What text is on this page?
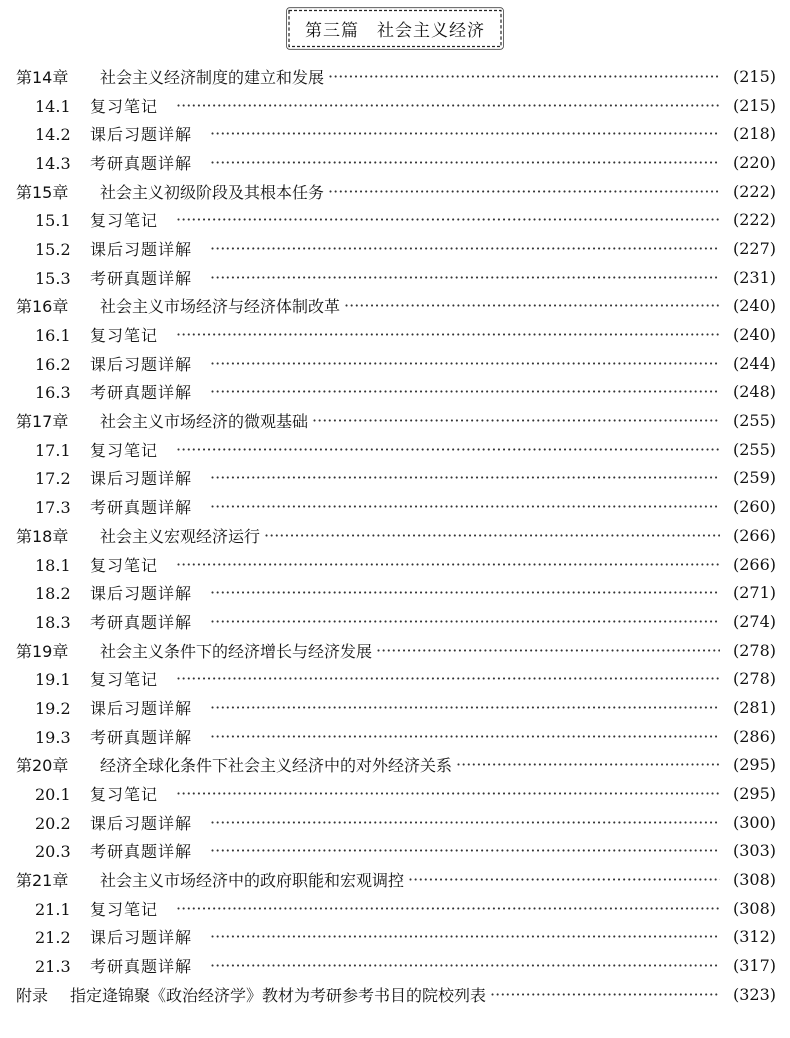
第三篇　社会主义经济
第14章 社会主义经济制度的建立和发展 ·····	(215)
14.1 复习笔记 ·····	(215)
14.2 课后习题详解 ·····	(218)
14.3 考研真题详解 ·····	(220)
第15章 社会主义初级阶段及其根本任务 ·····	(222)
15.1 复习笔记 ·····	(222)
15.2 课后习题详解 ·····	(227)
15.3 考研真题详解 ·····	(231)
第16章 社会主义市场经济与经济体制改革 ·····	(240)
16.1 复习笔记 ·····	(240)
16.2 课后习题详解 ·····	(244)
16.3 考研真题详解 ·····	(248)
第17章 社会主义市场经济的微观基础 ·····	(255)
17.1 复习笔记 ·····	(255)
17.2 课后习题详解 ·····	(259)
17.3 考研真题详解 ·····	(260)
第18章 社会主义宏观经济运行 ·····	(266)
18.1 复习笔记 ·····	(266)
18.2 课后习题详解 ·····	(271)
18.3 考研真题详解 ·····	(274)
第19章 社会主义条件下的经济增长与经济发展 ·····	(278)
19.1 复习笔记 ·····	(278)
19.2 课后习题详解 ·····	(281)
19.3 考研真题详解 ·····	(286)
第20章 经济全球化条件下社会主义经济中的对外经济关系 ·····	(295)
20.1 复习笔记 ·····	(295)
20.2 课后习题详解 ·····	(300)
20.3 考研真题详解 ·····	(303)
第21章 社会主义市场经济中的政府职能和宏观调控 ·····	(308)
21.1 复习笔记 ·····	(308)
21.2 课后习题详解 ·····	(312)
21.3 考研真题详解 ·····	(317)
附录 指定逄锦聚《政治经济学》教材为考研参考书目的院校列表 ·····	(323)
